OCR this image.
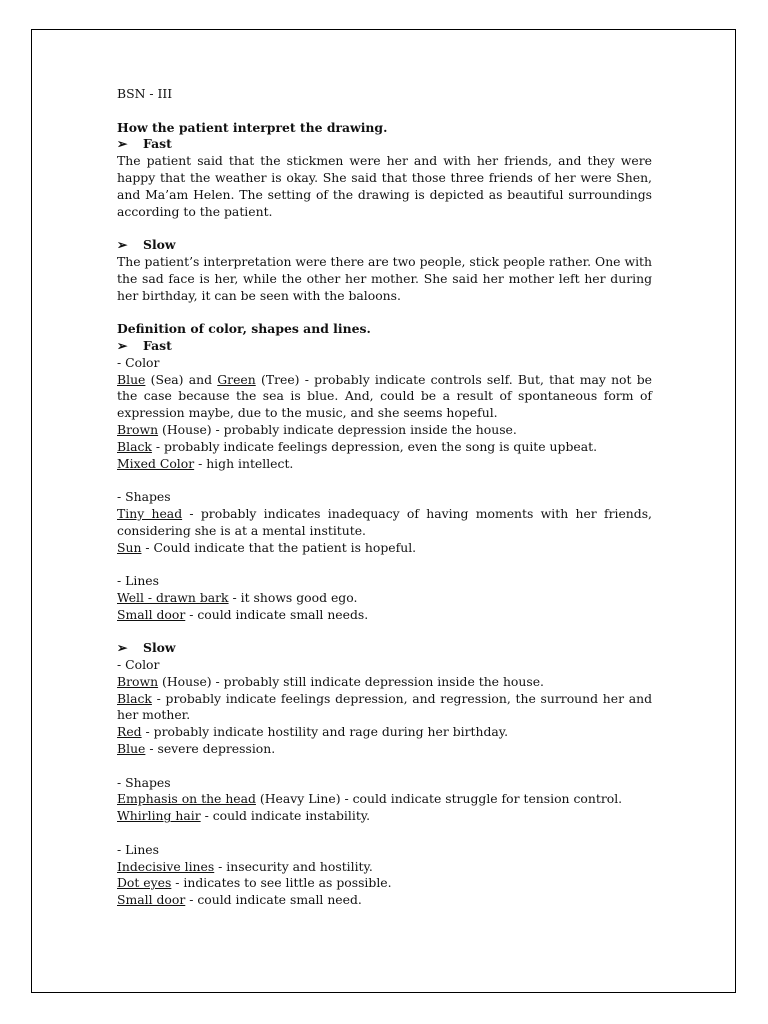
BSN - III

How the patient interpret the drawing.

➢ Fast

The patient said that the stickmen were her and with her friends, and they were happy that the weather is okay. She said that those three friends of her were Shen, and Ma’am Helen. The setting of the drawing is depicted as beautiful surroundings according to the patient.

➢ Slow

The patient’s interpretation were there are two people, stick people rather. One with the sad face is her, while the other her mother. She said her mother left her during her birthday, it can be seen with the baloons.

Definition of color, shapes and lines.

➢ Fast

- Color

Blue (Sea) and Green (Tree) - probably indicate controls self. But, that may not be the case because the sea is blue. And, could be a result of spontaneous form of expression maybe, due to the music, and she seems hopeful.

Brown (House) - probably indicate depression inside the house.

Black - probably indicate feelings depression, even the song is quite upbeat.

Mixed Color - high intellect.

- Shapes

Tiny head - probably indicates inadequacy of having moments with her friends, considering she is at a mental institute.

Sun - Could indicate that the patient is hopeful.

- Lines

Well - drawn bark - it shows good ego.

Small door - could indicate small needs.

➢ Slow

- Color

Brown (House) - probably still indicate depression inside the house.

Black - probably indicate feelings depression, and regression, the surround her and her mother.

Red - probably indicate hostility and rage during her birthday.

Blue - severe depression.

- Shapes

Emphasis on the head (Heavy Line) - could indicate struggle for tension control.

Whirling hair - could indicate instability.

- Lines

Indecisive lines - insecurity and hostility.

Dot eyes - indicates to see little as possible.

Small door - could indicate small need.
